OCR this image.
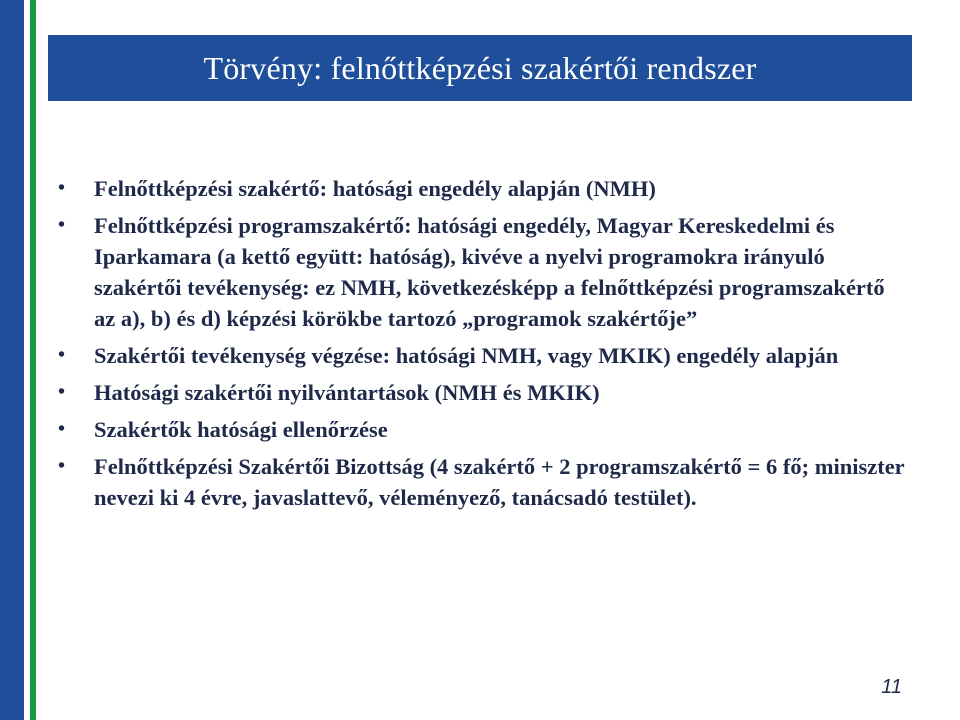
Törvény: felnőttképzési szakértői rendszer
• Felnőttképzési szakértő: hatósági engedély alapján (NMH)
• Felnőttképzési programszakértő: hatósági engedély, Magyar Kereskedelmi és Iparkamara (a kettő együtt: hatóság), kivéve a nyelvi programokra irányuló szakértői tevékenység: ez NMH, következésképp a felnőttképzési programszakértő az a), b) és d) képzési körökbe tartozó „programok szakértője”
• Szakértői tevékenység végzése: hatósági NMH, vagy MKIK) engedély alapján
• Hatósági szakértői nyilvántartások (NMH és MKIK)
• Szakértők hatósági ellenőrzése
• Felnőttképzési Szakértői Bizottság (4 szakértő + 2 programszakértő = 6 fő; miniszter nevezi ki 4 évre, javaslattevő, véleményező, tanácsadó testület).
11
